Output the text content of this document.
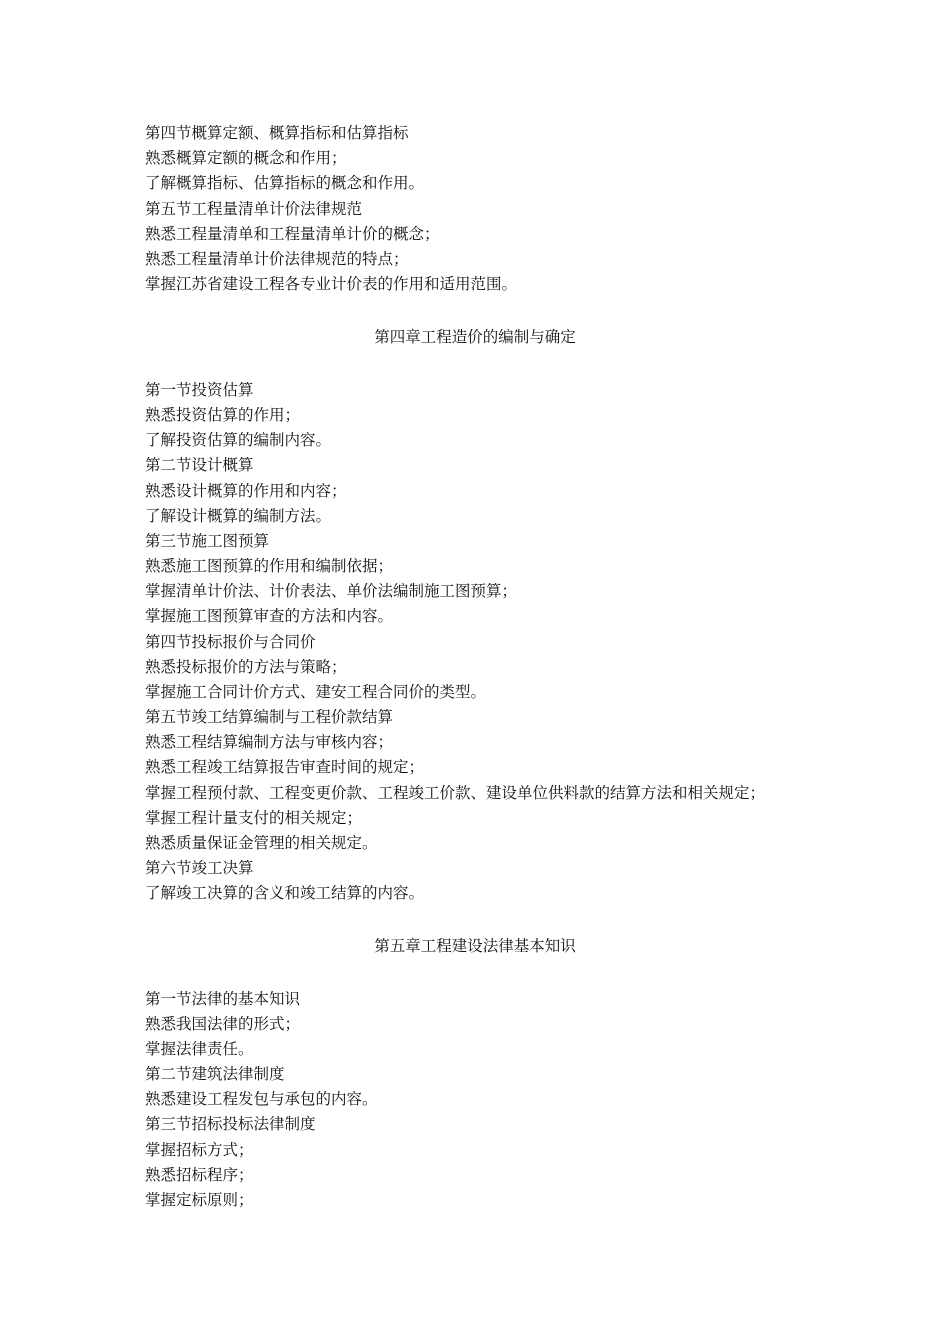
第四节概算定额、概算指标和估算指标
熟悉概算定额的概念和作用；
了解概算指标、估算指标的概念和作用。
第五节工程量清单计价法律规范
熟悉工程量清单和工程量清单计价的概念；
熟悉工程量清单计价法律规范的特点；
掌握江苏省建设工程各专业计价表的作用和适用范围。
第四章工程造价的编制与确定
第一节投资估算
熟悉投资估算的作用；
了解投资估算的编制内容。
第二节设计概算
熟悉设计概算的作用和内容；
了解设计概算的编制方法。
第三节施工图预算
熟悉施工图预算的作用和编制依据；
掌握清单计价法、计价表法、单价法编制施工图预算；
掌握施工图预算审查的方法和内容。
第四节投标报价与合同价
熟悉投标报价的方法与策略；
掌握施工合同计价方式、建安工程合同价的类型。
第五节竣工结算编制与工程价款结算
熟悉工程结算编制方法与审核内容；
熟悉工程竣工结算报告审查时间的规定；
掌握工程预付款、工程变更价款、工程竣工价款、建设单位供料款的结算方法和相关规定；
掌握工程计量支付的相关规定；
熟悉质量保证金管理的相关规定。
第六节竣工决算
了解竣工决算的含义和竣工结算的内容。
第五章工程建设法律基本知识
第一节法律的基本知识
熟悉我国法律的形式；
掌握法律责任。
第二节建筑法律制度
熟悉建设工程发包与承包的内容。
第三节招标投标法律制度
掌握招标方式；
熟悉招标程序；
掌握定标原则；
